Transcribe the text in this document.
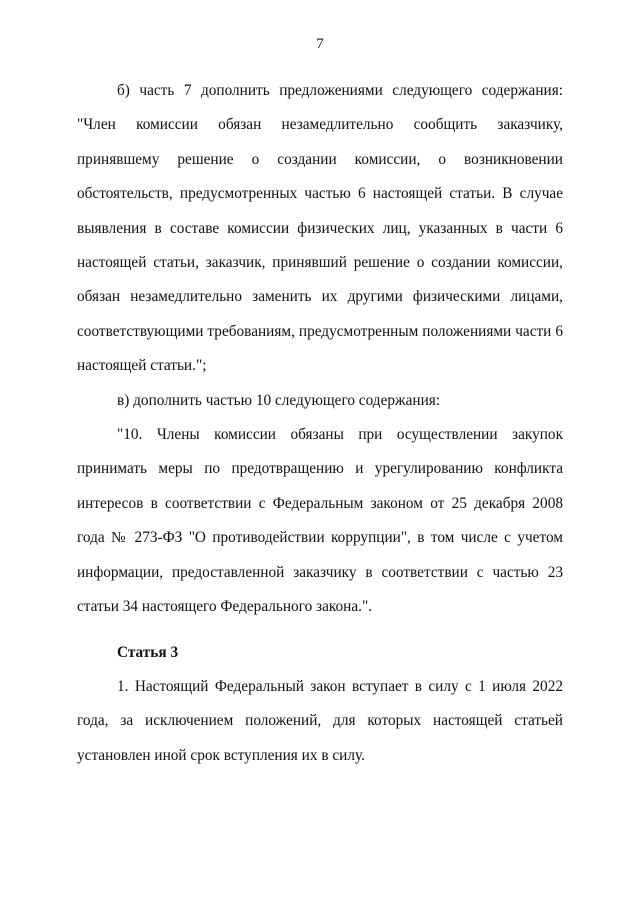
7

б) часть 7 дополнить предложениями следующего содержания: "Член комиссии обязан незамедлительно сообщить заказчику, принявшему решение о создании комиссии, о возникновении обстоятельств, предусмотренных частью 6 настоящей статьи. В случае выявления в составе комиссии физических лиц, указанных в части 6 настоящей статьи, заказчик, принявший решение о создании комиссии, обязан незамедлительно заменить их другими физическими лицами, соответствующими требованиям, предусмотренным положениями части 6 настоящей статьи.";

в) дополнить частью 10 следующего содержания:

"10. Члены комиссии обязаны при осуществлении закупок принимать меры по предотвращению и урегулированию конфликта интересов в соответствии с Федеральным законом от 25 декабря 2008 года № 273-ФЗ "О противодействии коррупции", в том числе с учетом информации, предоставленной заказчику в соответствии с частью 23 статьи 34 настоящего Федерального закона.".

Статья 3

1. Настоящий Федеральный закон вступает в силу с 1 июля 2022 года, за исключением положений, для которых настоящей статьей установлен иной срок вступления их в силу.
